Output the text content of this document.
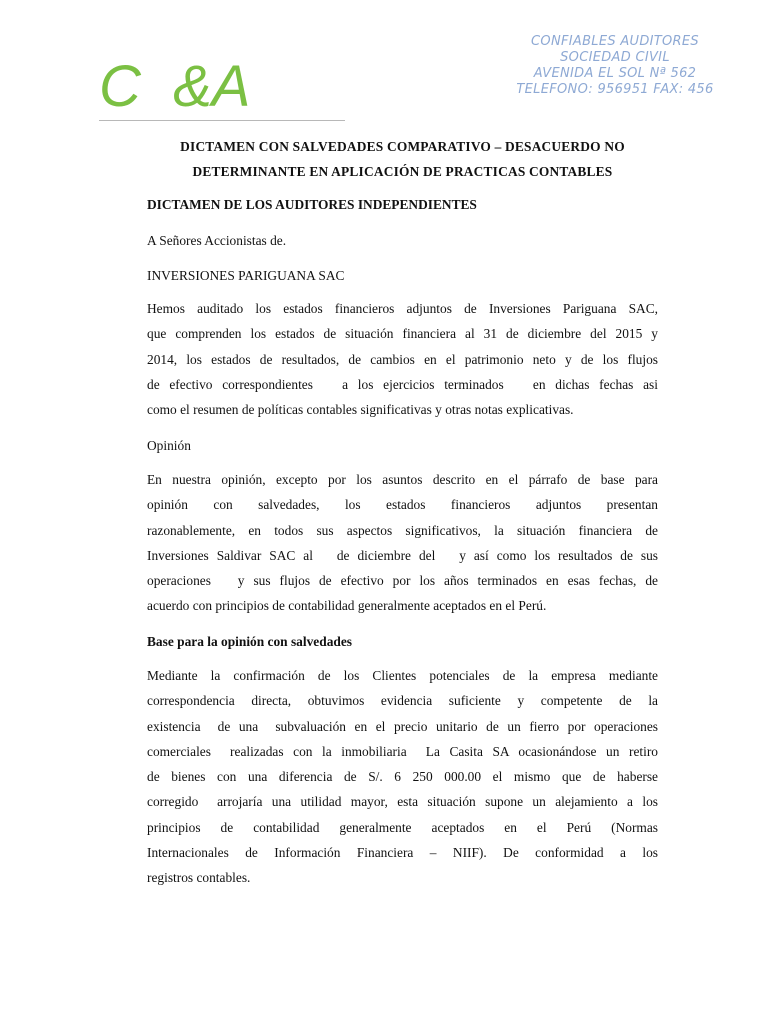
C  &A
CONFIABLES AUDITORES
SOCIEDAD CIVIL
AVENIDA EL SOL Nª 562
TELEFONO: 956951 FAX: 456
DICTAMEN CON SALVEDADES COMPARATIVO – DESACUERDO NO
DETERMINANTE EN APLICACIÓN DE PRACTICAS CONTABLES
DICTAMEN DE LOS AUDITORES INDEPENDIENTES
A Señores Accionistas de.
INVERSIONES PARIGUANA SAC
Hemos auditado los estados financieros adjuntos de Inversiones Pariguana SAC,
que comprenden los estados de situación financiera al 31 de diciembre del 2015 y
2014, los estados de resultados, de cambios en el patrimonio neto y de los flujos
de efectivo correspondientes   a los ejercicios terminados   en dichas fechas asi
como el resumen de políticas contables significativas y otras notas explicativas.
Opinión
En nuestra opinión, excepto por los asuntos descrito en el párrafo de base para
opinión con salvedades, los estados financieros adjuntos presentan
razonablemente, en todos sus aspectos significativos, la situación financiera de
Inversiones Saldivar SAC al   de diciembre del   y así como los resultados de sus
operaciones   y sus flujos de efectivo por los años terminados en esas fechas, de
acuerdo con principios de contabilidad generalmente aceptados en el Perú.
Base para la opinión con salvedades
Mediante la confirmación de los Clientes potenciales de la empresa mediante
correspondencia directa, obtuvimos evidencia suficiente y competente de la
existencia  de una  subvaluación en el precio unitario de un fierro por operaciones
comerciales  realizadas con la inmobiliaria  La Casita SA ocasionándose un retiro
de bienes con una diferencia de S/. 6 250 000.00 el mismo que de haberse
corregido  arrojaría una utilidad mayor, esta situación supone un alejamiento a los
principios de contabilidad generalmente aceptados en el Perú (Normas
Internacionales de Información Financiera – NIIF). De conformidad a los
registros contables.
